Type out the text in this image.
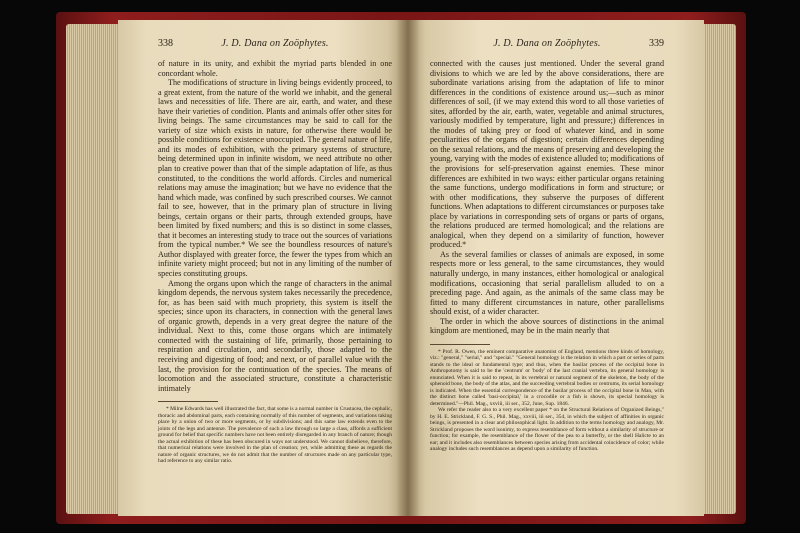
338	J. D. Dana on Zoöphytes.

of nature in its unity, and exhibit the myriad parts blended in one concordant whole.

The modifications of structure in living beings evidently proceed, to a great extent, from the nature of the world we inhabit, and the general laws and necessities of life. There are air, earth, and water, and these have their varieties of condition. Plants and animals offer other sites for living beings. The same circumstances may be said to call for the variety of size which exists in nature, for otherwise there would be possible conditions for existence unoccupied. The general nature of life, and its modes of exhibition, with the primary systems of structure, being determined upon in infinite wisdom, we need attribute no other plan to creative power than that of the simple adaptation of life, as thus constituted, to the conditions the world affords. Circles and numerical relations may amuse the imagination; but we have no evidence that the hand which made, was confined by such prescribed courses. We cannot fail to see, however, that in the primary plan of structure in living beings, certain organs or their parts, through extended groups, have been limited by fixed numbers; and this is so distinct in some classes, that it becomes an interesting study to trace out the sources of variations from the typical number.* We see the boundless resources of nature's Author displayed with greater force, the fewer the types from which an infinite variety might proceed; but not in any limiting of the number of species constituting groups.

Among the organs upon which the range of characters in the animal kingdom depends, the nervous system takes necessarily the precedence, for, as has been said with much propriety, this system is itself the species; since upon its characters, in connection with the general laws of organic growth, depends in a very great degree the nature of the individual. Next to this, come those organs which are intimately connected with the sustaining of life, primarily, those pertaining to respiration and circulation, and secondarily, those adapted to the receiving and digesting of food; and next, or of parallel value with the last, the provision for the continuation of the species. The means of locomotion and the associated structure, constitute a characteristic intimately

* Milne Edwards has well illustrated the fact, that some is a normal number in Crustacea, the cephalic, thoracic and abdominal parts, each containing normally of this number of segments, and variations taking place by a union of two or more segments, or by subdivisions; and this same law extends even to the joints of the legs and antennæ. The prevalence of such a law through so large a class, affords a sufficient ground for belief that specific numbers have not been entirely disregarded in any branch of nature; though the actual exhibition of these has been obscured in ways not understood. We cannot disbelieve, therefore, that numerical relations were involved in the plan of creation; yet, while admitting these as regards the nature of organic structures, we do not admit that the number of structures made on any particular type, had reference to any similar ratio.

J. D. Dana on Zoöphytes.	339

connected with the causes just mentioned. Under the several grand divisions to which we are led by the above considerations, there are subordinate variations arising from the adaptation of life to minor differences in the conditions of existence around us;—such as minor differences of soil, (if we may extend this word to all those varieties of sites, afforded by the air, earth, water, vegetable and animal structures, variously modified by temperature, light and pressure;) differences in the modes of taking prey or food of whatever kind, and in some peculiarities of the organs of digestion; certain differences depending on the sexual relations, and the means of preserving and developing the young, varying with the modes of existence alluded to; modifications of the provisions for self-preservation against enemies. These minor differences are exhibited in two ways: either particular organs retaining the same functions, undergo modifications in form and structure; or with other modifications, they subserve the purposes of different functions. When adaptations to different circumstances or purposes take place by variations in corresponding sets of organs or parts of organs, the relations produced are termed homological; and the relations are analogical, when they depend on a similarity of function, however produced.*

As the several families or classes of animals are exposed, in some respects more or less general, to the same circumstances, they would naturally undergo, in many instances, either homological or analogical modifications, occasioning that serial parallelism alluded to on a preceding page. And again, as the animals of the same class may be fitted to many different circumstances in nature, other parallelisms should exist, of a wider character.

The order in which the above sources of distinctions in the animal kingdom are mentioned, may be in the main nearly that

* Prof. R. Owen, the eminent comparative anatomist of England, mentions three kinds of homology, viz.: "general," "serial," and "special." "General homology is the relation in which a part or series of parts stands to the ideal or fundamental type; and thus, when the basilar process of the occipital bone in Anthropotomy is said to be the 'centrum' or 'body' of the last cranial vertebra, its general homology is enunciated. When it is said to repeat, in its vertebral or natural segment of the skeleton, the body of the sphenoid bone, the body of the atlas, and the succeeding vertebral bodies or centrums, its serial homology is indicated. When the essential correspondence of the basilar process of the occipital bone in Man, with the distinct bone called 'basi-occipital,' in a crocodile or a fish is shown, its special homology is determined."—Phil. Mag., xxviii, iii ser., 352, June, Sup. 1846.

We refer the reader also to a very excellent paper * on the Structural Relations of Organized Beings," by H. E. Strickland, F. G. S., Phil. Mag., xxviii, iii ser., 354, in which the subject of affinities in organic beings, is presented in a clear and philosophical light. In addition to the terms homology and analogy, Mr. Strickland proposes the word isonimy, to express resemblance of form without a similarity of structure or function; for example, the resemblance of the flower of the pea to a butterfly, or the shell Halicte to an ear; and it includes also resemblances between species arising from accidental coincidence of color; while analogy includes such resemblances as depend upon a similarity of function.
